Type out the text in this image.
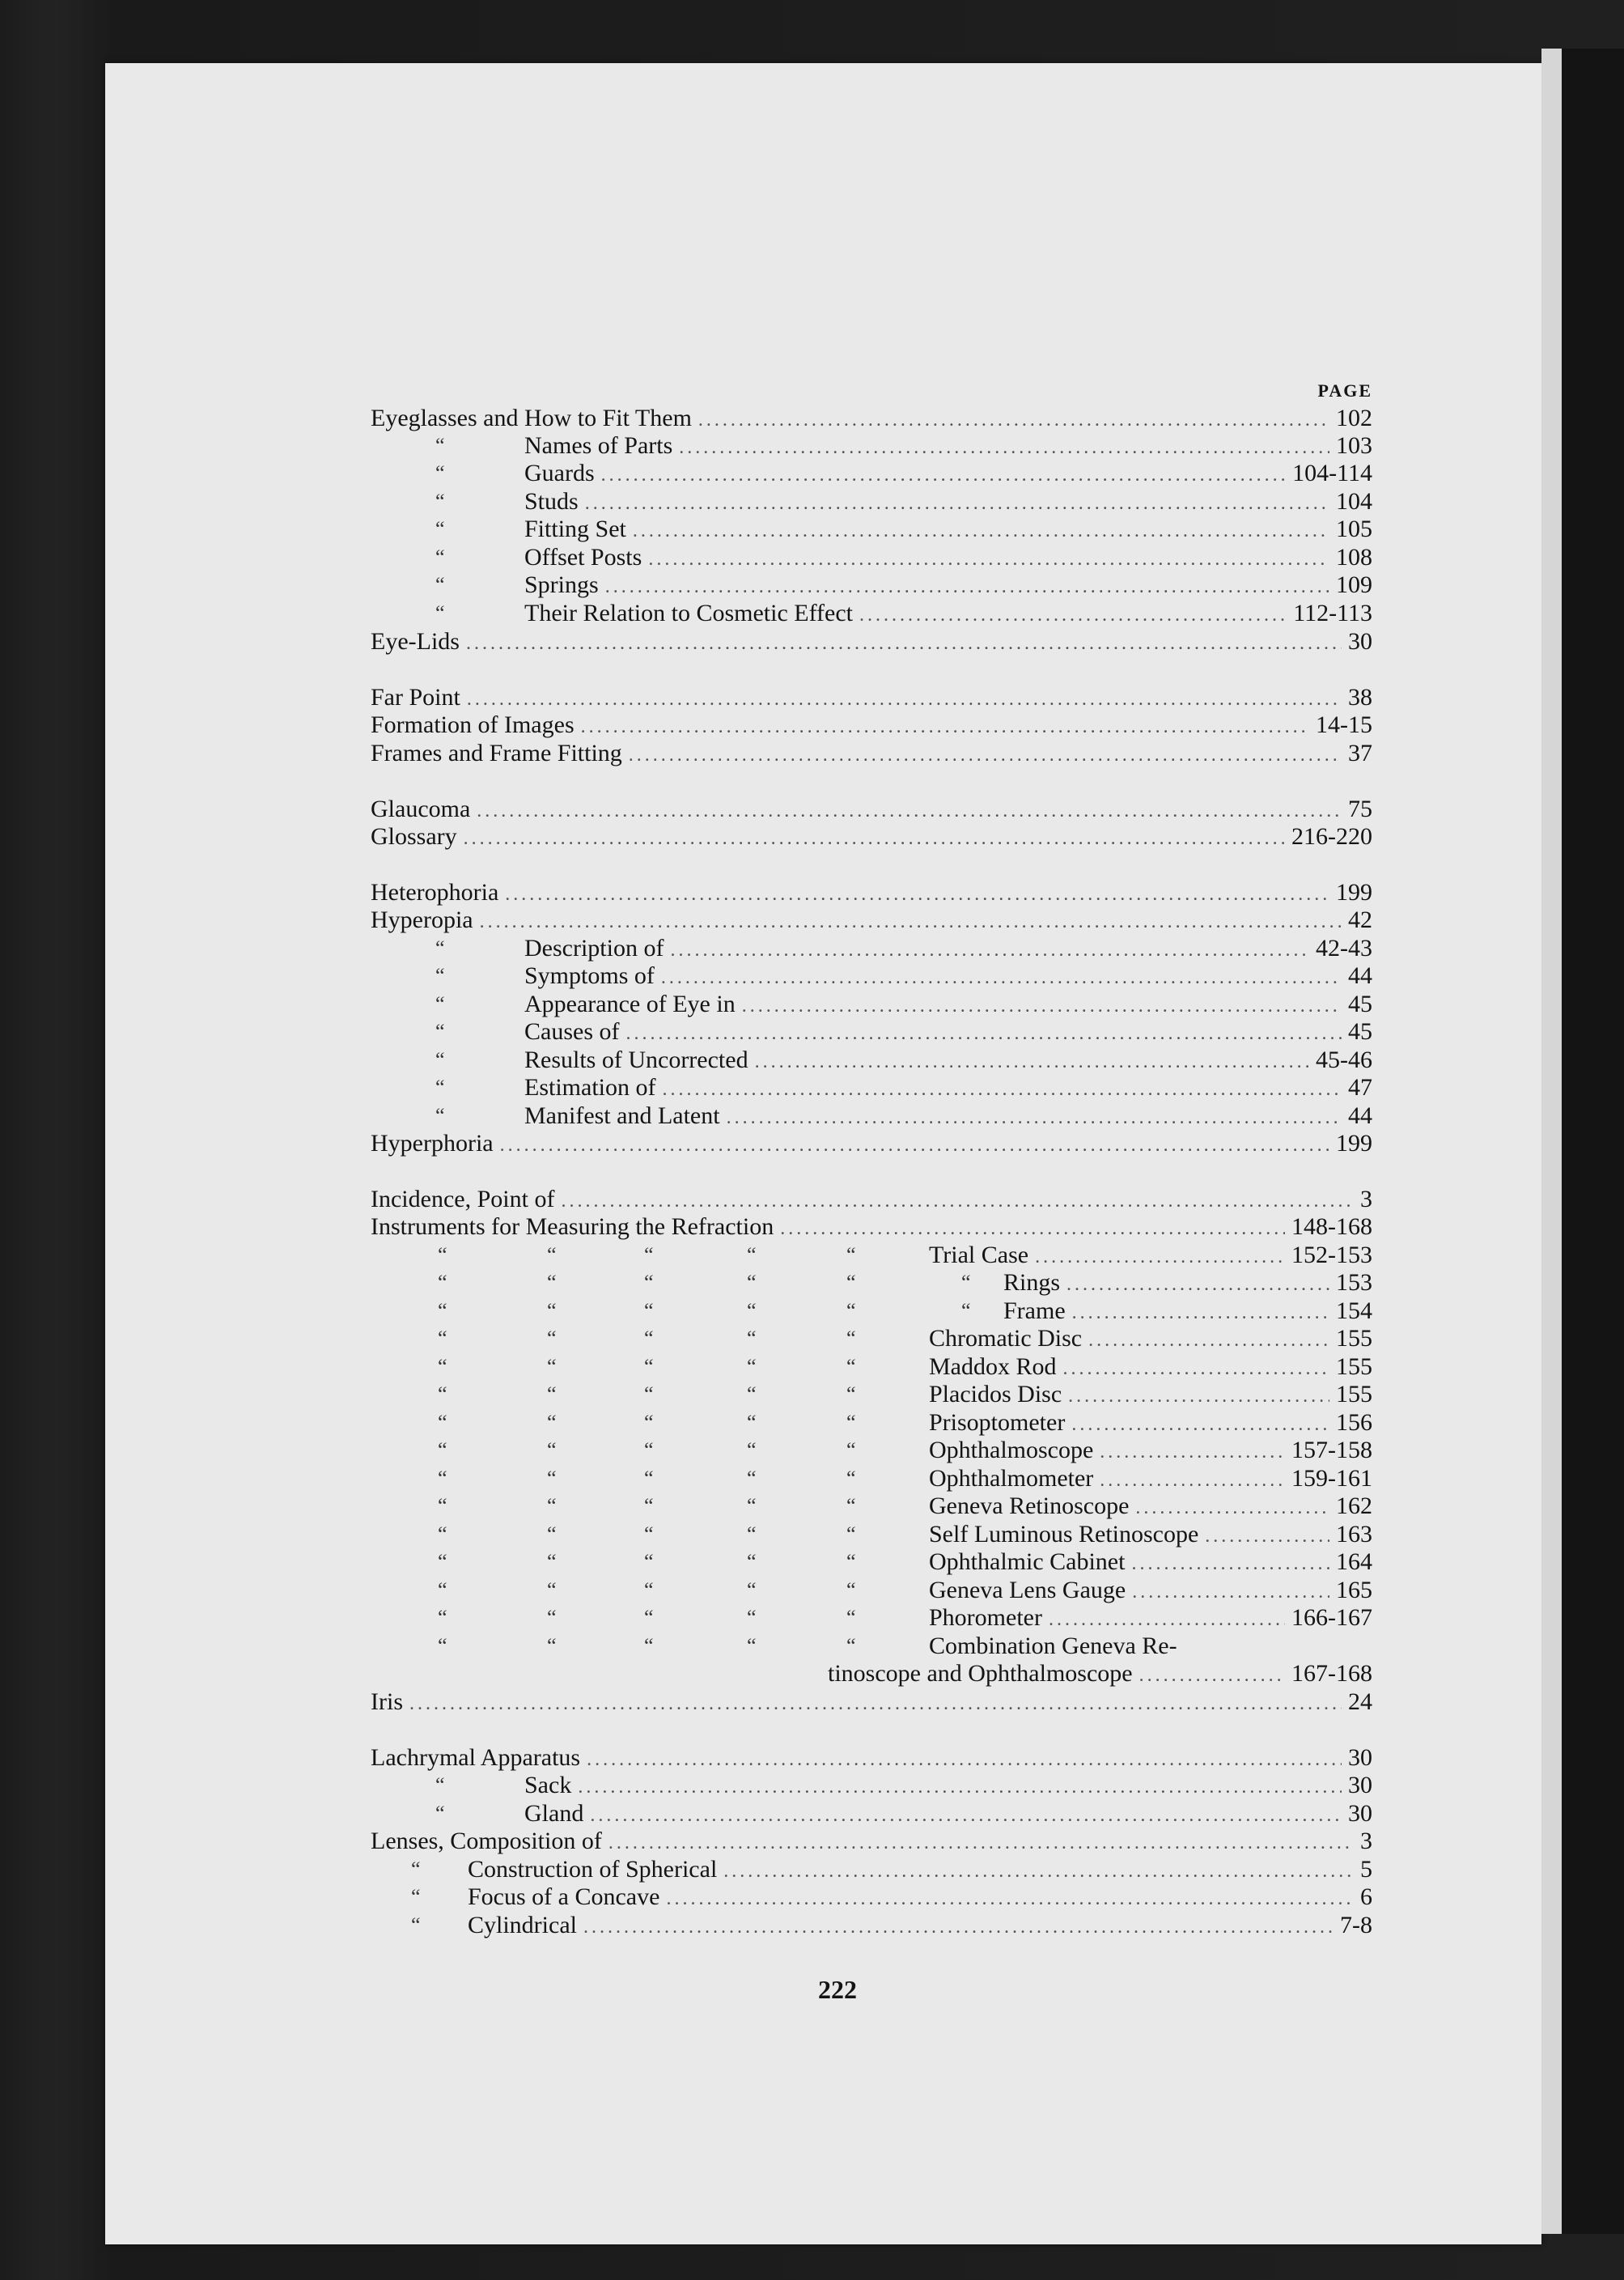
PAGE
Eyeglasses and How to Fit Them .....	102
“	Names of Parts .....	103
“	Guards .....	104-114
“	Studs .....	104
“	Fitting Set .....	105
“	Offset Posts .....	108
“	Springs .....	109
“	Their Relation to Cosmetic Effect .....	112-113
Eye-Lids .....	30
Far Point .....	38
Formation of Images .....	14-15
Frames and Frame Fitting .....	37
Glaucoma .....	75
Glossary .....	216-220
Heterophoria .....	199
Hyperopia .....	42
“	Description of .....	42-43
“	Symptoms of .....	44
“	Appearance of Eye in .....	45
“	Causes of .....	45
“	Results of Uncorrected .....	45-46
“	Estimation of .....	47
“	Manifest and Latent .....	44
Hyperphoria .....	199
Incidence, Point of .....	3
Instruments for Measuring the Refraction .....	148-168
“	“	“	“	“	Trial Case .....	152-153
“	“	“	“	“	“ Rings .....	153
“	“	“	“	“	“ Frame .....	154
“	“	“	“	“	Chromatic Disc .....	155
“	“	“	“	“	Maddox Rod .....	155
“	“	“	“	“	Placidos Disc .....	155
“	“	“	“	“	Prisoptometer .....	156
“	“	“	“	“	Ophthalmoscope .....	157-158
“	“	“	“	“	Ophthalmometer .....	159-161
“	“	“	“	“	Geneva Retinoscope .....	162
“	“	“	“	“	Self Luminous Retinoscope .....	163
“	“	“	“	“	Ophthalmic Cabinet .....	164
“	“	“	“	“	Geneva Lens Gauge .....	165
“	“	“	“	“	Phorometer .....	166-167
“	“	“	“	“	Combination Geneva Re-
tinoscope and Ophthalmoscope .....	167-168
Iris .....	24
Lachrymal Apparatus .....	30
“	Sack .....	30
“	Gland .....	30
Lenses, Composition of .....	3
“ Construction of Spherical .....	5
“ Focus of a Concave .....	6
“ Cylindrical .....	7-8
222
